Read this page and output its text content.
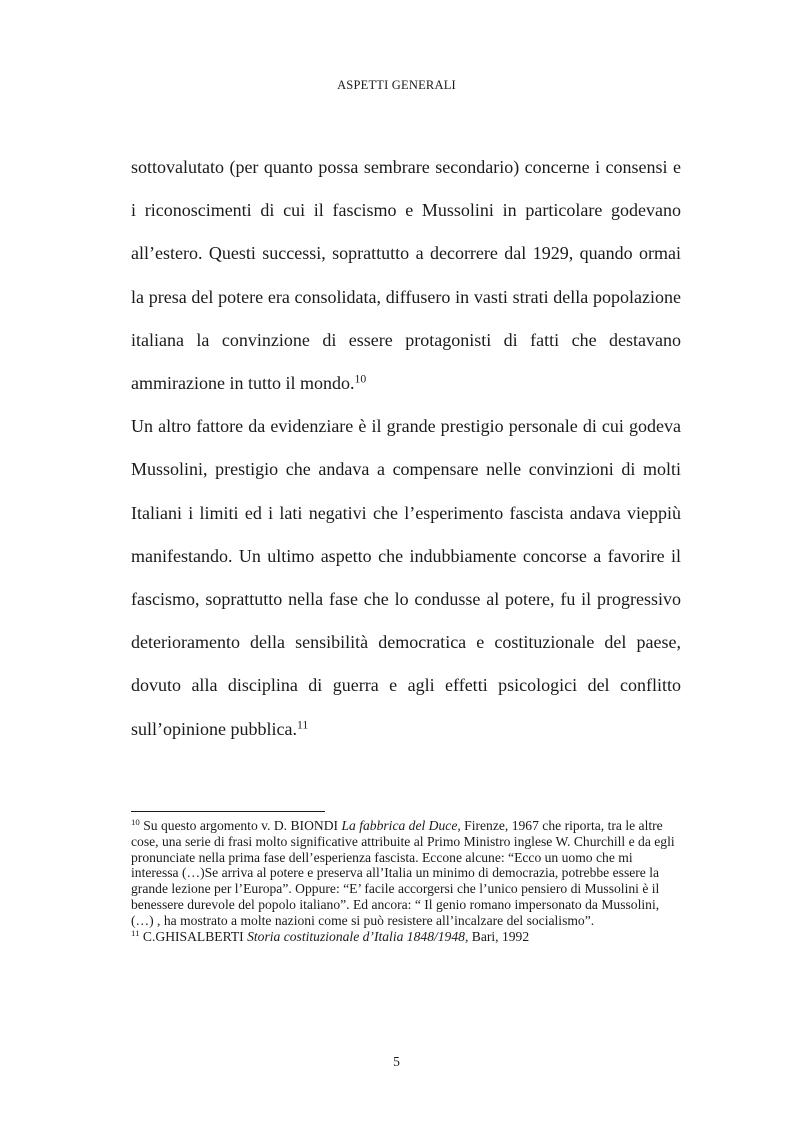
ASPETTI GENERALI

sottovalutato (per quanto possa sembrare secondario) concerne i consensi e i riconoscimenti di cui il fascismo e Mussolini in particolare godevano all’estero. Questi successi, soprattutto a decorrere dal 1929, quando ormai la presa del potere era consolidata, diffusero in vasti strati della popolazione italiana la convinzione di essere protagonisti di fatti che destavano ammirazione in tutto il mondo.$^{10}$

Un altro fattore da evidenziare è il grande prestigio personale di cui godeva Mussolini, prestigio che andava a compensare nelle convinzioni di molti Italiani i limiti ed i lati negativi che l’esperimento fascista andava vieppiù manifestando. Un ultimo aspetto che indubbiamente concorse a favorire il fascismo, soprattutto nella fase che lo condusse al potere, fu il progressivo deterioramento della sensibilità democratica e costituzionale del paese, dovuto alla disciplina di guerra e agli effetti psicologici del conflitto sull’opinione pubblica.$^{11}$

$^{10}$ Su questo argomento v. D. BIONDI La fabbrica del Duce, Firenze, 1967 che riporta, tra le altre cose, una serie di frasi molto significative attribuite al Primo Ministro inglese W. Churchill e da egli pronunciate nella prima fase dell’esperienza fascista. Eccone alcune: “Ecco un uomo che mi interessa (…)Se arriva al potere e preserva all’Italia un minimo di democrazia, potrebbe essere la grande lezione per l’Europa”. Oppure: “E’ facile accorgersi che l’unico pensiero di Mussolini è il benessere durevole del popolo italiano”. Ed ancora: “ Il genio romano impersonato da Mussolini, (…) , ha mostrato a molte nazioni come si può resistere all’incalzare del socialismo”.

$^{11}$ C.GHISALBERTI Storia costituzionale d’Italia 1848/1948, Bari, 1992

5
